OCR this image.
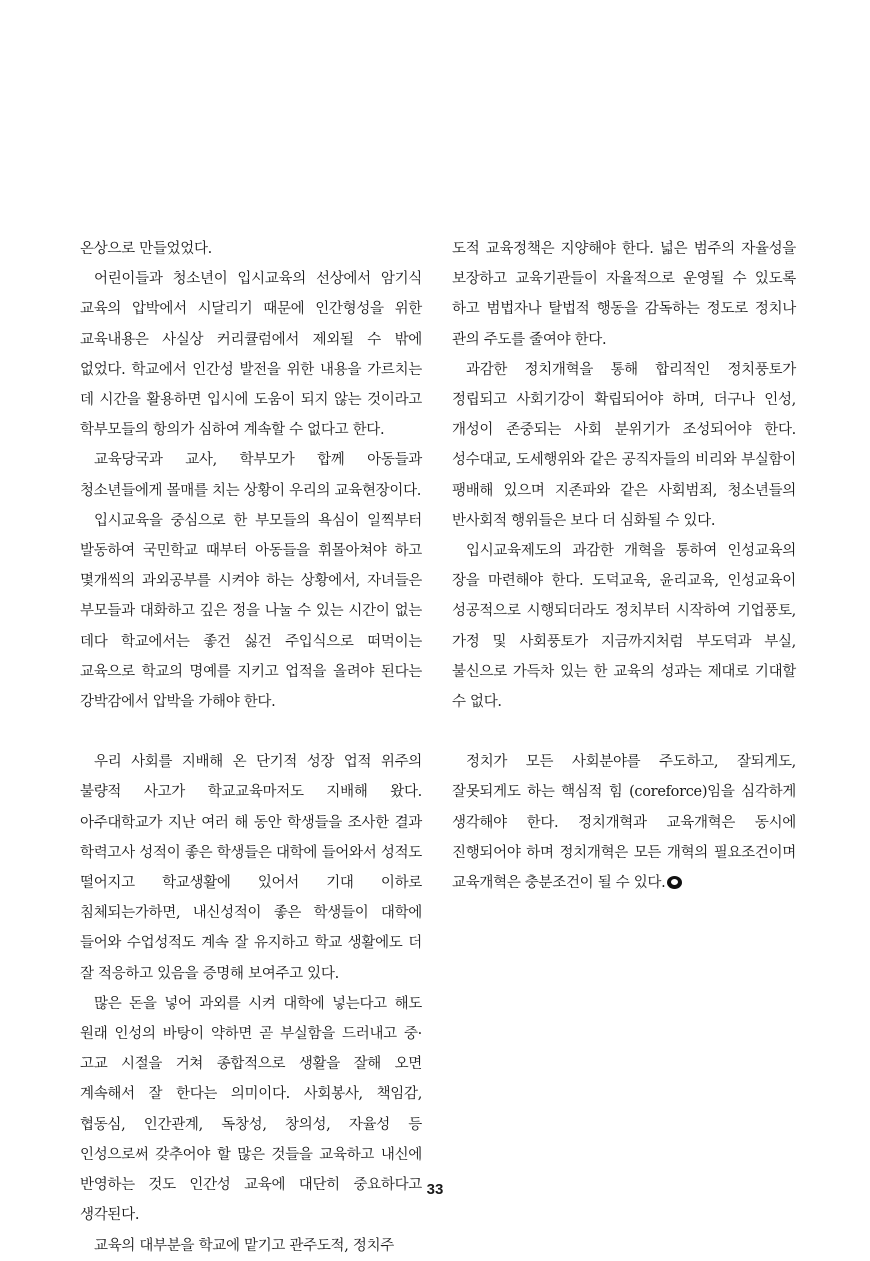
온상으로 만들었었다.

어린이들과 청소년이 입시교육의 선상에서 암기식 교육의 압박에서 시달리기 때문에 인간형성을 위한 교육내용은 사실상 커리큘럼에서 제외될 수 밖에 없었다. 학교에서 인간성 발전을 위한 내용을 가르치는 데 시간을 활용하면 입시에 도움이 되지 않는 것이라고 학부모들의 항의가 심하여 계속할 수 없다고 한다.

교육당국과 교사, 학부모가 합께 아동들과 청소년들에게 몰매를 치는 상황이 우리의 교육현장이다.

입시교육을 중심으로 한 부모들의 욕심이 일찍부터 발동하여 국민학교 때부터 아동들을 휘몰아쳐야 하고 몇개씩의 과외공부를 시켜야 하는 상황에서, 자녀들은 부모들과 대화하고 깊은 정을 나눌 수 있는 시간이 없는 데다 학교에서는 좋건 싫건 주입식으로 떠먹이는 교육으로 학교의 명예를 지키고 업적을 올려야 된다는 강박감에서 압박을 가해야 한다.

우리 사회를 지배해 온 단기적 성장 업적 위주의 불량적 사고가 학교교육마저도 지배해 왔다. 아주대학교가 지난 여러 해 동안 학생들을 조사한 결과 학력고사 성적이 좋은 학생들은 대학에 들어와서 성적도 떨어지고 학교생활에 있어서 기대 이하로 침체되는가하면, 내신성적이 좋은 학생들이 대학에 들어와 수업성적도 계속 잘 유지하고 학교 생활에도 더 잘 적응하고 있음을 증명해 보여주고 있다.

많은 돈을 넣어 과외를 시켜 대학에 넣는다고 해도 원래 인성의 바탕이 약하면 곧 부실함을 드러내고 중·고교 시절을 거쳐 종합적으로 생활을 잘해 오면 계속해서 잘 한다는 의미이다. 사회봉사, 책임감, 협동심, 인간관계, 독창성, 창의성, 자율성 등 인성으로써 갖추어야 할 많은 것들을 교육하고 내신에 반영하는 것도 인간성 교육에 대단히 중요하다고 생각된다.

교육의 대부분을 학교에 맡기고 관주도적, 정치주

도적 교육정책은 지양해야 한다. 넓은 범주의 자율성을 보장하고 교육기관들이 자율적으로 운영될 수 있도록 하고 범법자나 탈법적 행동을 감독하는 정도로 정치나 관의 주도를 줄여야 한다.

과감한 정치개혁을 통해 합리적인 정치풍토가 정립되고 사회기강이 확립되어야 하며, 더구나 인성, 개성이 존중되는 사회 분위기가 조성되어야 한다. 성수대교, 도세행위와 같은 공직자들의 비리와 부실함이 팽배해 있으며 지존파와 같은 사회범죄, 청소년들의 반사회적 행위들은 보다 더 심화될 수 있다.

입시교육제도의 과감한 개혁을 통하여 인성교육의 장을 마련해야 한다. 도덕교육, 윤리교육, 인성교육이 성공적으로 시행되더라도 정치부터 시작하여 기업풍토, 가정 및 사회풍토가 지금까지처럼 부도덕과 부실, 불신으로 가득차 있는 한 교육의 성과는 제대로 기대할 수 없다.

정치가 모든 사회분야를 주도하고, 잘되게도, 잘못되게도 하는 핵심적 힘 (coreforce)임을 심각하게 생각해야 한다. 정치개혁과 교육개혁은 동시에 진행되어야 하며 정치개혁은 모든 개혁의 필요조건이며 교육개혁은 충분조건이 될 수 있다.

33
